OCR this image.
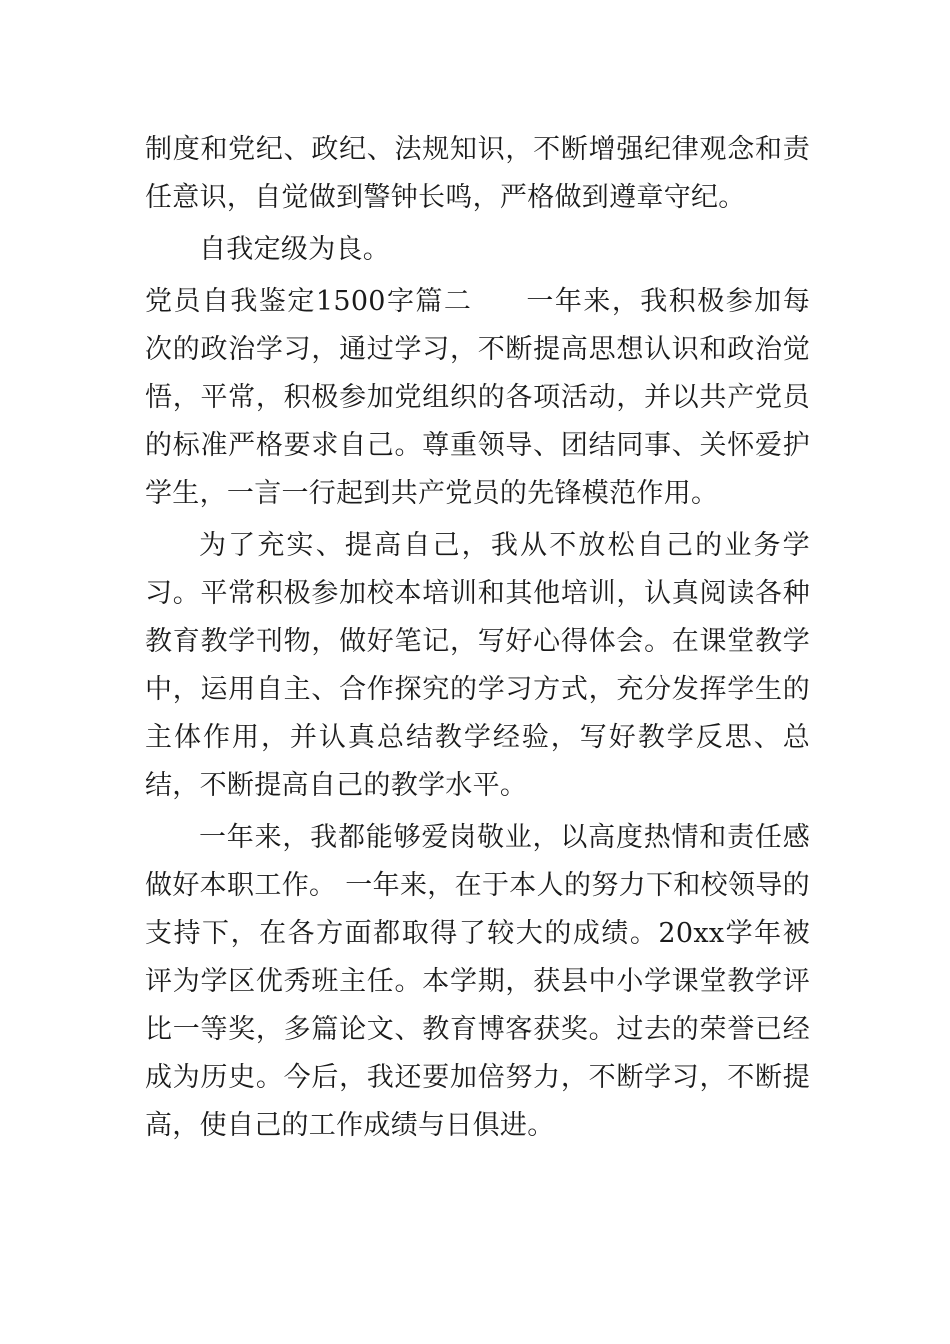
制度和党纪、政纪、法规知识，不断增强纪律观念和责任意识，自觉做到警钟长鸣，严格做到遵章守纪。

自我定级为良。

党员自我鉴定1500字篇二 一年来，我积极参加每次的政治学习，通过学习，不断提高思想认识和政治觉悟，平常，积极参加党组织的各项活动，并以共产党员的标准严格要求自己。尊重领导、团结同事、关怀爱护学生，一言一行起到共产党员的先锋模范作用。

为了充实、提高自己，我从不放松自己的业务学习。平常积极参加校本培训和其他培训，认真阅读各种教育教学刊物，做好笔记，写好心得体会。在课堂教学中，运用自主、合作探究的学习方式，充分发挥学生的主体作用，并认真总结教学经验，写好教学反思、总结，不断提高自己的教学水平。

一年来，我都能够爱岗敬业，以高度热情和责任感做好本职工作。 一年来，在于本人的努力下和校领导的支持下，在各方面都取得了较大的成绩。20xx学年被评为学区优秀班主任。本学期，获县中小学课堂教学评比一等奖，多篇论文、教育博客获奖。过去的荣誉已经成为历史。今后，我还要加倍努力，不断学习，不断提高，使自己的工作成绩与日俱进。
